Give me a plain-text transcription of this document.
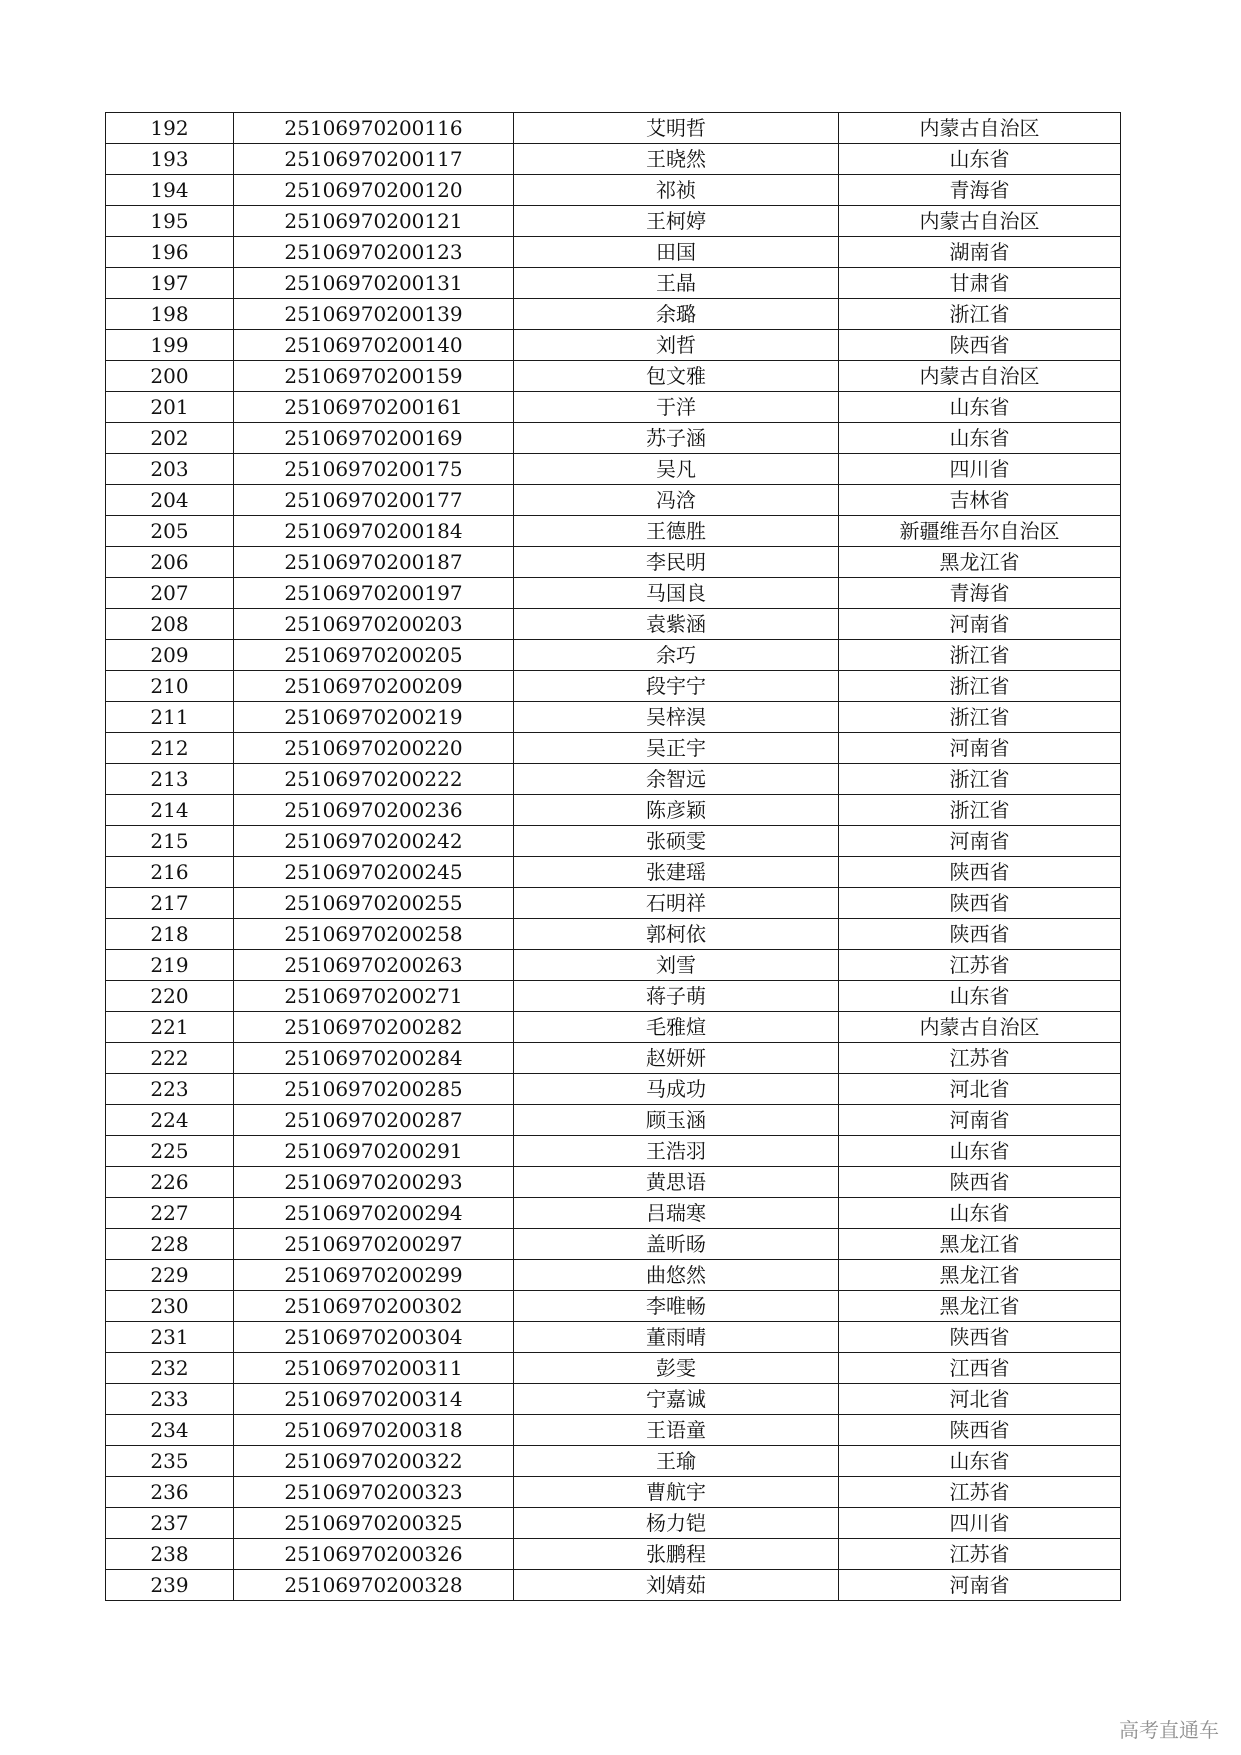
192	25106970200116	艾明哲	内蒙古自治区
193	25106970200117	王晓然	山东省
194	25106970200120	祁祯	青海省
195	25106970200121	王柯婷	内蒙古自治区
196	25106970200123	田国	湖南省
197	25106970200131	王晶	甘肃省
198	25106970200139	余璐	浙江省
199	25106970200140	刘哲	陕西省
200	25106970200159	包文雅	内蒙古自治区
201	25106970200161	于洋	山东省
202	25106970200169	苏子涵	山东省
203	25106970200175	吴凡	四川省
204	25106970200177	冯浛	吉林省
205	25106970200184	王德胜	新疆维吾尔自治区
206	25106970200187	李民明	黑龙江省
207	25106970200197	马国良	青海省
208	25106970200203	袁紫涵	河南省
209	25106970200205	余巧	浙江省
210	25106970200209	段宇宁	浙江省
211	25106970200219	吴梓淏	浙江省
212	25106970200220	吴正宇	河南省
213	25106970200222	余智远	浙江省
214	25106970200236	陈彦颖	浙江省
215	25106970200242	张硕雯	河南省
216	25106970200245	张建瑶	陕西省
217	25106970200255	石明祥	陕西省
218	25106970200258	郭柯依	陕西省
219	25106970200263	刘雪	江苏省
220	25106970200271	蒋子萌	山东省
221	25106970200282	毛雅煊	内蒙古自治区
222	25106970200284	赵妍妍	江苏省
223	25106970200285	马成功	河北省
224	25106970200287	顾玉涵	河南省
225	25106970200291	王浩羽	山东省
226	25106970200293	黄思语	陕西省
227	25106970200294	吕瑞寒	山东省
228	25106970200297	盖昕旸	黑龙江省
229	25106970200299	曲悠然	黑龙江省
230	25106970200302	李唯畅	黑龙江省
231	25106970200304	董雨晴	陕西省
232	25106970200311	彭雯	江西省
233	25106970200314	宁嘉诚	河北省
234	25106970200318	王语童	陕西省
235	25106970200322	王瑜	山东省
236	25106970200323	曹航宇	江苏省
237	25106970200325	杨力铠	四川省
238	25106970200326	张鹏程	江苏省
239	25106970200328	刘婧茹	河南省
高考直通车
